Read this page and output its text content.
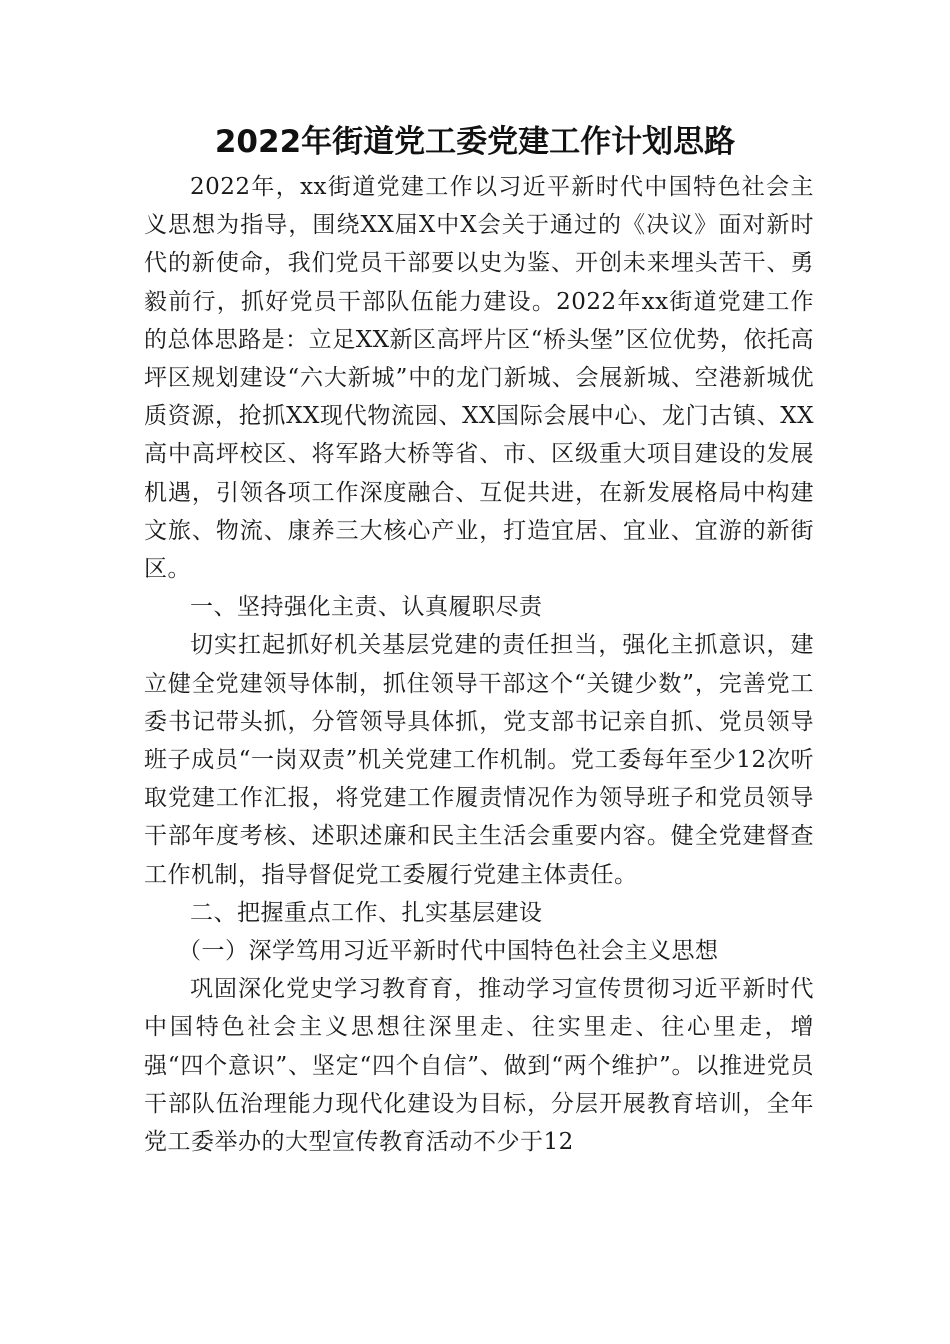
2022年街道党工委党建工作计划思路

2022年，xx街道党建工作以习近平新时代中国特色社会主义思想为指导，围绕XX届X中X会关于通过的《决议》面对新时代的新使命，我们党员干部要以史为鉴、开创未来埋头苦干、勇毅前行，抓好党员干部队伍能力建设。2022年xx街道党建工作的总体思路是：立足XX新区高坪片区“桥头堡”区位优势，依托高坪区规划建设“六大新城”中的龙门新城、会展新城、空港新城优质资源，抢抓XX现代物流园、XX国际会展中心、龙门古镇、XX高中高坪校区、将军路大桥等省、市、区级重大项目建设的发展机遇，引领各项工作深度融合、互促共进，在新发展格局中构建文旅、物流、康养三大核心产业，打造宜居、宜业、宜游的新街区。

一、坚持强化主责、认真履职尽责

切实扛起抓好机关基层党建的责任担当，强化主抓意识，建立健全党建领导体制，抓住领导干部这个“关键少数”，完善党工委书记带头抓，分管领导具体抓，党支部书记亲自抓、党员领导班子成员“一岗双责”机关党建工作机制。党工委每年至少12次听取党建工作汇报，将党建工作履责情况作为领导班子和党员领导干部年度考核、述职述廉和民主生活会重要内容。健全党建督查工作机制，指导督促党工委履行党建主体责任。

二、把握重点工作、扎实基层建设

（一）深学笃用习近平新时代中国特色社会主义思想

巩固深化党史学习教育育，推动学习宣传贯彻习近平新时代中国特色社会主义思想往深里走、往实里走、往心里走，增强“四个意识”、坚定“四个自信”、做到“两个维护”。以推进党员干部队伍治理能力现代化建设为目标，分层开展教育培训，全年党工委举办的大型宣传教育活动不少于12
